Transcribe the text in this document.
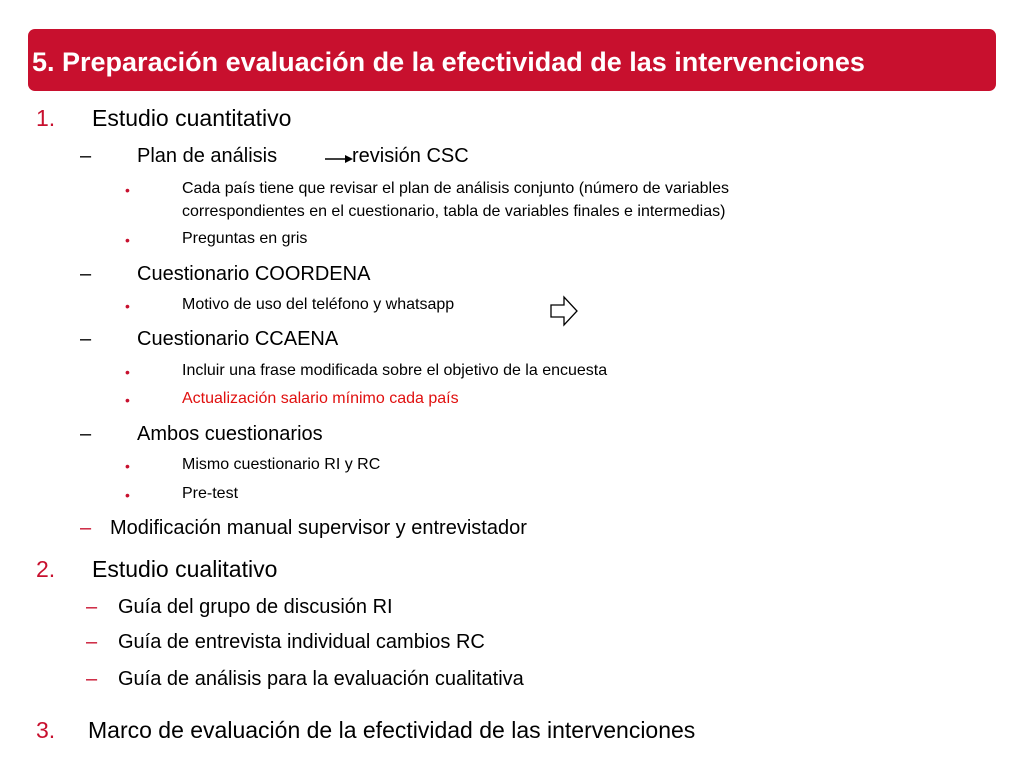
5. Preparación evaluación de la efectividad de las intervenciones
1. Estudio cuantitativo
– Plan de análisis	revisión CSC
•	Cada país tiene que revisar el plan de análisis conjunto (número de variables
correspondientes en el cuestionario, tabla de variables finales e intermedias)
•	Preguntas en gris
– Cuestionario COORDENA
•	Motivo de uso del teléfono y whatsapp
– Cuestionario CCAENA
•	Incluir una frase modificada sobre el objetivo de la encuesta
•	Actualización salario mínimo cada país
– Ambos cuestionarios
•	Mismo cuestionario RI y RC
•	Pre-test
– Modificación manual supervisor y entrevistador
2. Estudio cualitativo
– Guía del grupo de discusión RI
– Guía de entrevista individual cambios RC
– Guía de análisis para la evaluación cualitativa
3. Marco de evaluación de la efectividad de las intervenciones
